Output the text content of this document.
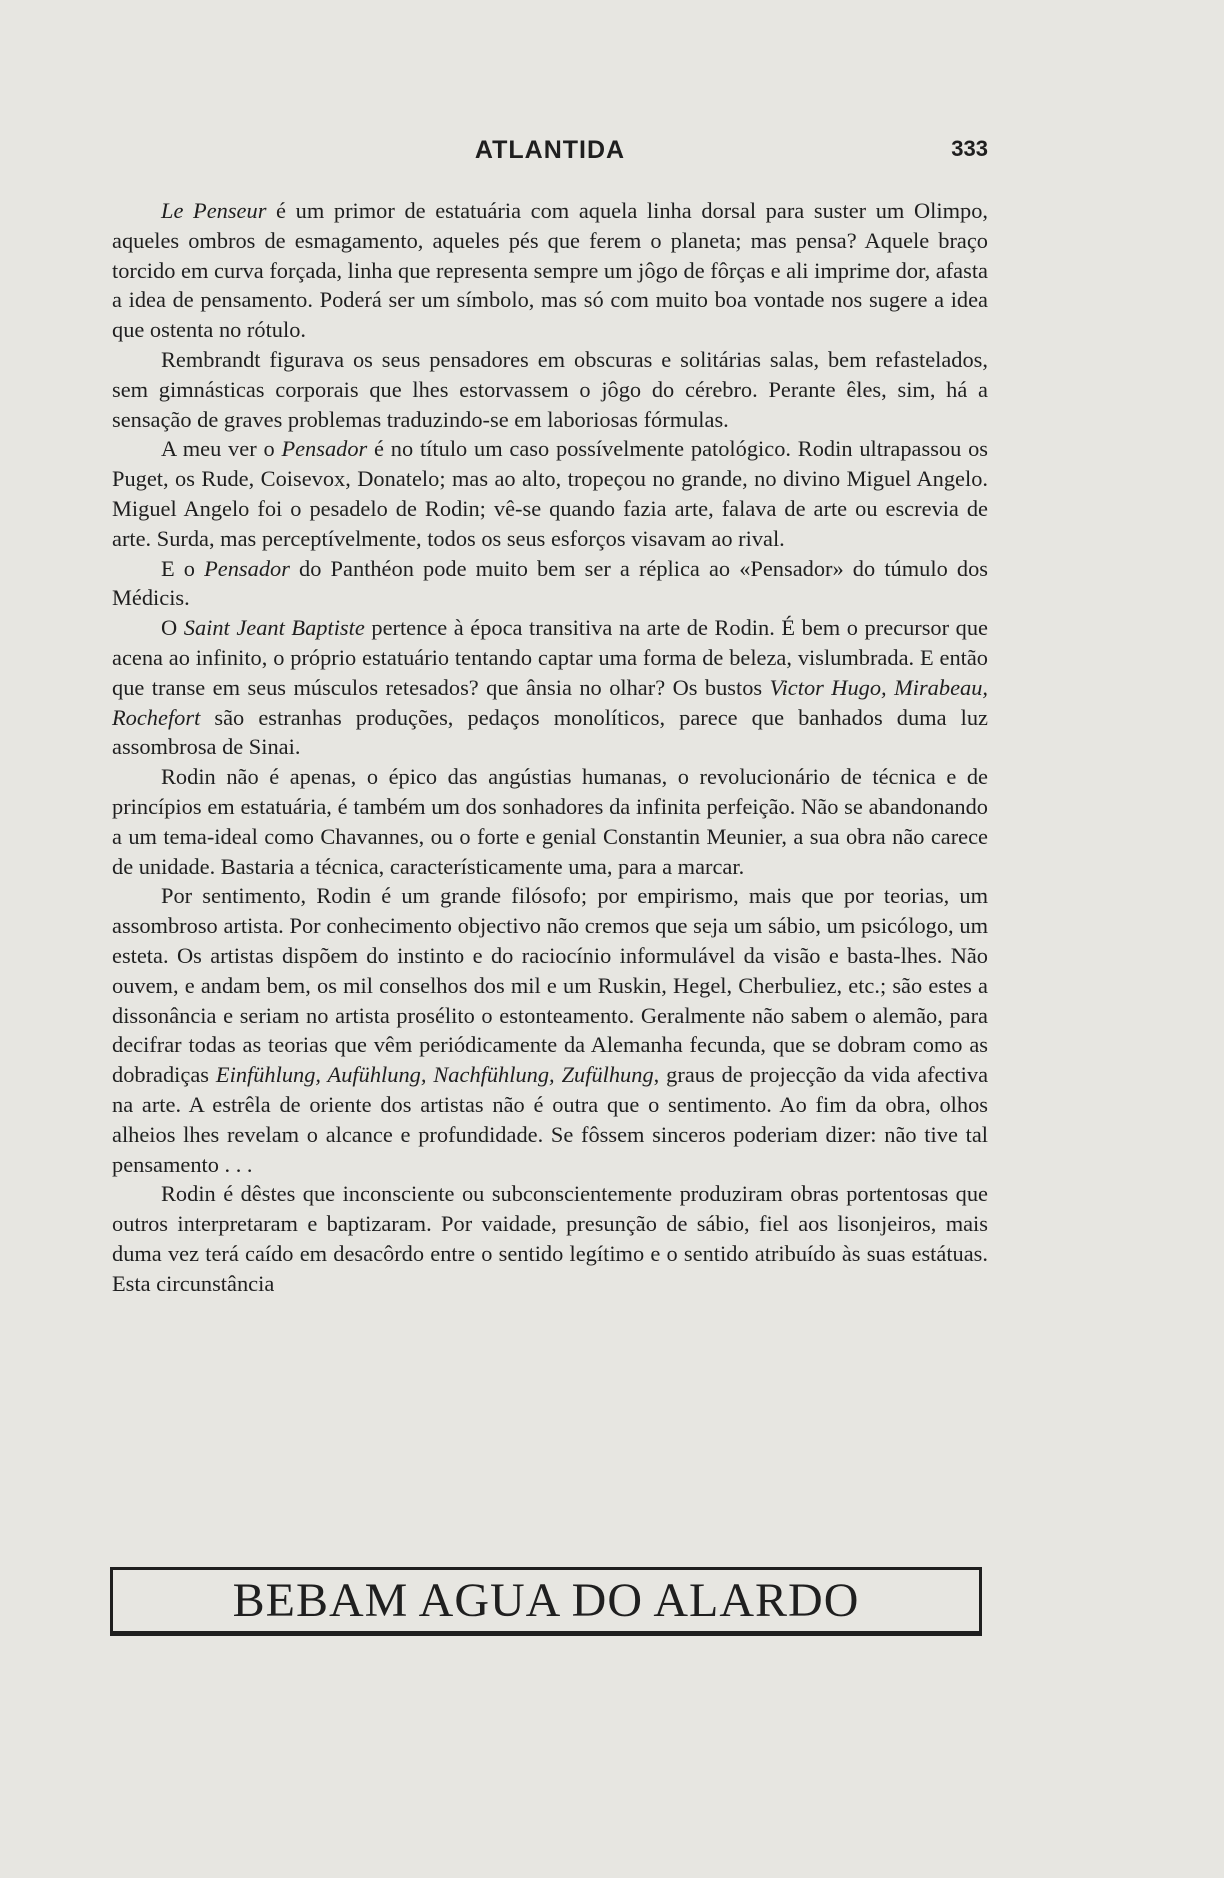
ATLANTIDA	333

Le Penseur é um primor de estatuária com aquela linha dorsal para suster um Olimpo, aqueles ombros de esmagamento, aqueles pés que ferem o planeta; mas pensa? Aquele braço torcido em curva forçada, linha que representa sempre um jôgo de fôrças e ali imprime dor, afasta a idea de pensamento. Poderá ser um símbolo, mas só com muito boa vontade nos sugere a idea que ostenta no rótulo.

Rembrandt figurava os seus pensadores em obscuras e solitárias salas, bem refastelados, sem gimnásticas corporais que lhes estorvassem o jôgo do cérebro. Perante êles, sim, há a sensação de graves problemas traduzindo-se em laboriosas fórmulas.

A meu ver o Pensador é no título um caso possívelmente patológico. Rodin ultrapassou os Puget, os Rude, Coisevox, Donatelo; mas ao alto, tropeçou no grande, no divino Miguel Angelo. Miguel Angelo foi o pesadelo de Rodin; vê-se quando fazia arte, falava de arte ou escrevia de arte. Surda, mas perceptívelmente, todos os seus esforços visavam ao rival.

E o Pensador do Panthéon pode muito bem ser a réplica ao «Pensador» do túmulo dos Médicis.

O Saint Jeant Baptiste pertence à época transitiva na arte de Rodin. É bem o precursor que acena ao infinito, o próprio estatuário tentando captar uma forma de beleza, vislumbrada. E então que transe em seus músculos retesados? que ânsia no olhar? Os bustos Victor Hugo, Mirabeau, Rochefort são estranhas produções, pedaços monolíticos, parece que banhados duma luz assombrosa de Sinai.

Rodin não é apenas, o épico das angústias humanas, o revolucionário de técnica e de princípios em estatuária, é também um dos sonhadores da infinita perfeição. Não se abandonando a um tema-ideal como Chavannes, ou o forte e genial Constantin Meunier, a sua obra não carece de unidade. Bastaria a técnica, característicamente uma, para a marcar.

Por sentimento, Rodin é um grande filósofo; por empirismo, mais que por teorias, um assombroso artista. Por conhecimento objectivo não cremos que seja um sábio, um psicólogo, um esteta. Os artistas dispõem do instinto e do raciocínio informulável da visão e basta-lhes. Não ouvem, e andam bem, os mil conselhos dos mil e um Ruskin, Hegel, Cherbuliez, etc.; são estes a dissonância e seriam no artista prosélito o estonteamento. Geralmente não sabem o alemão, para decifrar todas as teorias que vêm periódicamente da Alemanha fecunda, que se dobram como as dobradiças Einfühlung, Aufühlung, Nachfühlung, Zufülhung, graus de projecção da vida afectiva na arte. A estrêla de oriente dos artistas não é outra que o sentimento. Ao fim da obra, olhos alheios lhes revelam o alcance e profundidade. Se fôssem sinceros poderiam dizer: não tive tal pensamento . . .

Rodin é dêstes que inconsciente ou subconscientemente produziram obras portentosas que outros interpretaram e baptizaram. Por vaidade, presunção de sábio, fiel aos lisonjeiros, mais duma vez terá caído em desacôrdo entre o sentido legítimo e o sentido atribuído às suas estátuas. Esta circunstância

BEBAM AGUA DO ALARDO
